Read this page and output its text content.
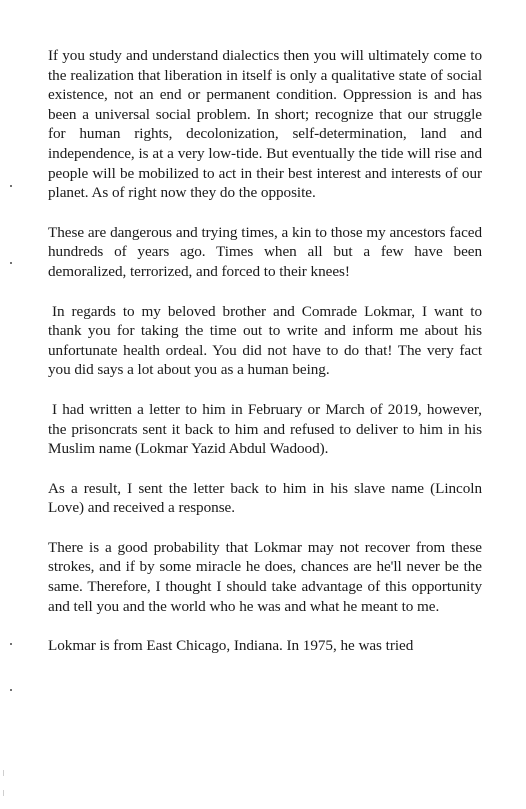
If you study and understand dialectics then you will ultimately come to the realization that liberation in itself is only a qualitative state of social existence, not an end or permanent condition. Oppression is and has been a universal social problem. In short; recognize that our struggle for human rights, decolonization, self-determination, land and independence, is at a very low-tide. But eventually the tide will rise and people will be mobilized to act in their best interest and interests of our planet. As of right now they do the opposite.

These are dangerous and trying times, a kin to those my ancestors faced hundreds of years ago. Times when all but a few have been demoralized, terrorized, and forced to their knees!

In regards to my beloved brother and Comrade Lokmar, I want to thank you for taking the time out to write and inform me about his unfortunate health ordeal. You did not have to do that! The very fact you did says a lot about you as a human being.

I had written a letter to him in February or March of 2019, however, the prisoncrats sent it back to him and refused to deliver to him in his Muslim name (Lokmar Yazid Abdul Wadood).

As a result, I sent the letter back to him in his slave name (Lincoln Love) and received a response.

There is a good probability that Lokmar may not recover from these strokes, and if by some miracle he does, chances are he'll never be the same. Therefore, I thought I should take advantage of this opportunity and tell you and the world who he was and what he meant to me.

Lokmar is from East Chicago, Indiana. In 1975, he was tried
